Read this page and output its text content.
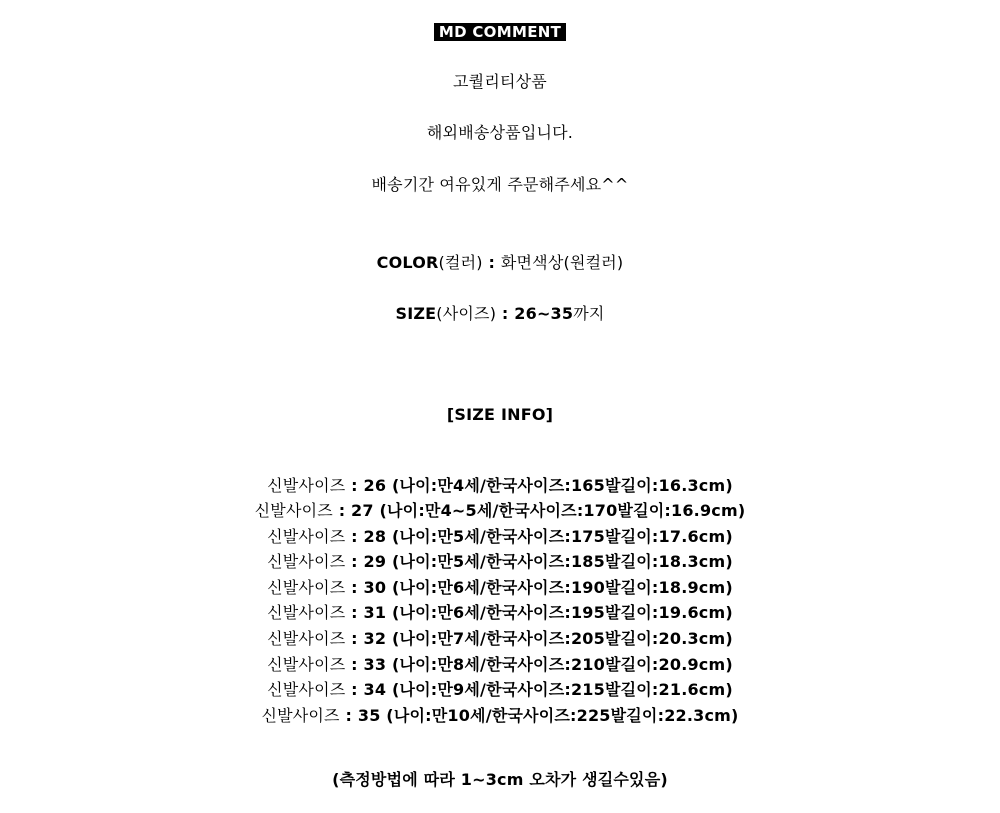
MD COMMENT
고퀄리티상품
해외배송상품입니다.
배송기간 여유있게 주문해주세요^^
COLOR(컬러) : 화면색상(원컬러)
SIZE(사이즈) : 26~35까지
[SIZE INFO]
신발사이즈 : 26 (나이:만4세/한국사이즈:165발길이:16.3cm)
신발사이즈 : 27 (나이:만4~5세/한국사이즈:170발길이:16.9cm)
신발사이즈 : 28 (나이:만5세/한국사이즈:175발길이:17.6cm)
신발사이즈 : 29 (나이:만5세/한국사이즈:185발길이:18.3cm)
신발사이즈 : 30 (나이:만6세/한국사이즈:190발길이:18.9cm)
신발사이즈 : 31 (나이:만6세/한국사이즈:195발길이:19.6cm)
신발사이즈 : 32 (나이:만7세/한국사이즈:205발길이:20.3cm)
신발사이즈 : 33 (나이:만8세/한국사이즈:210발길이:20.9cm)
신발사이즈 : 34 (나이:만9세/한국사이즈:215발길이:21.6cm)
신발사이즈 : 35 (나이:만10세/한국사이즈:225발길이:22.3cm)
(측정방법에 따라 1~3cm 오차가 생길수있음)
